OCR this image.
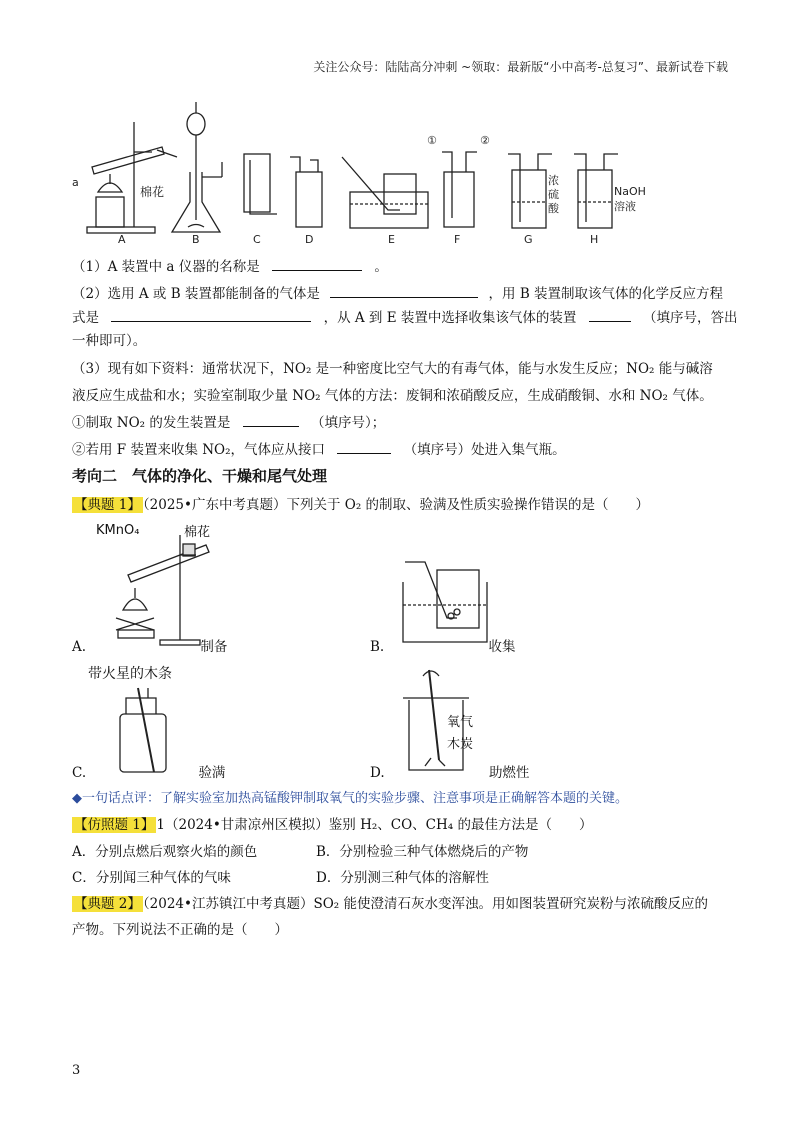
关注公众号：陆陆高分冲刺 ~领取：最新版“小中高考-总复习”、最新试卷下载
a
棉花
①	②
浓
硫
酸
NaOH
溶液
A	B	C	D	E	F	G	H
（1）A 装置中 a 仪器的名称是	。
（2）选用 A 或 B 装置都能制备的气体是	，用 B 装置制取该气体的化学反应方程
式是	，从 A 到 E 装置中选择收集该气体的装置	（填序号，答出
一种即可）。
（3）现有如下资料：通常状况下，NO₂ 是一种密度比空气大的有毒气体，能与水发生反应；NO₂ 能与碱溶
液反应生成盐和水；实验室制取少量 NO₂ 气体的方法：废铜和浓硝酸反应，生成硝酸铜、水和 NO₂ 气体。
①制取 NO₂ 的发生装置是	（填序号）；
②若用 F 装置来收集 NO₂，气体应从接口	（填序号）处进入集气瓶。
考向二　气体的净化、干燥和尾气处理
【典题 1】 （2025•广东中考真题）下列关于 O₂ 的制取、验满及性质实验操作错误的是（　　）
KMnO₄	棉花
A.	制备	B.	收集
带火星的木条
C.	验满
氧气
木炭
D.	助燃性
◆一句话点评：了解实验室加热高锰酸钾制取氧气的实验步骤、注意事项是正确解答本题的关键。
【仿照题 1】 1（2024•甘肃凉州区模拟）鉴别 H₂、CO、CH₄ 的最佳方法是（　　）
A．分别点燃后观察火焰的颜色	B．分别检验三种气体燃烧后的产物
C．分别闻三种气体的气味	D．分别测三种气体的溶解性
【典题 2】 （2024•江苏镇江中考真题）SO₂ 能使澄清石灰水变浑浊。用如图装置研究炭粉与浓硫酸反应的
产物。下列说法不正确的是（　　）
3
